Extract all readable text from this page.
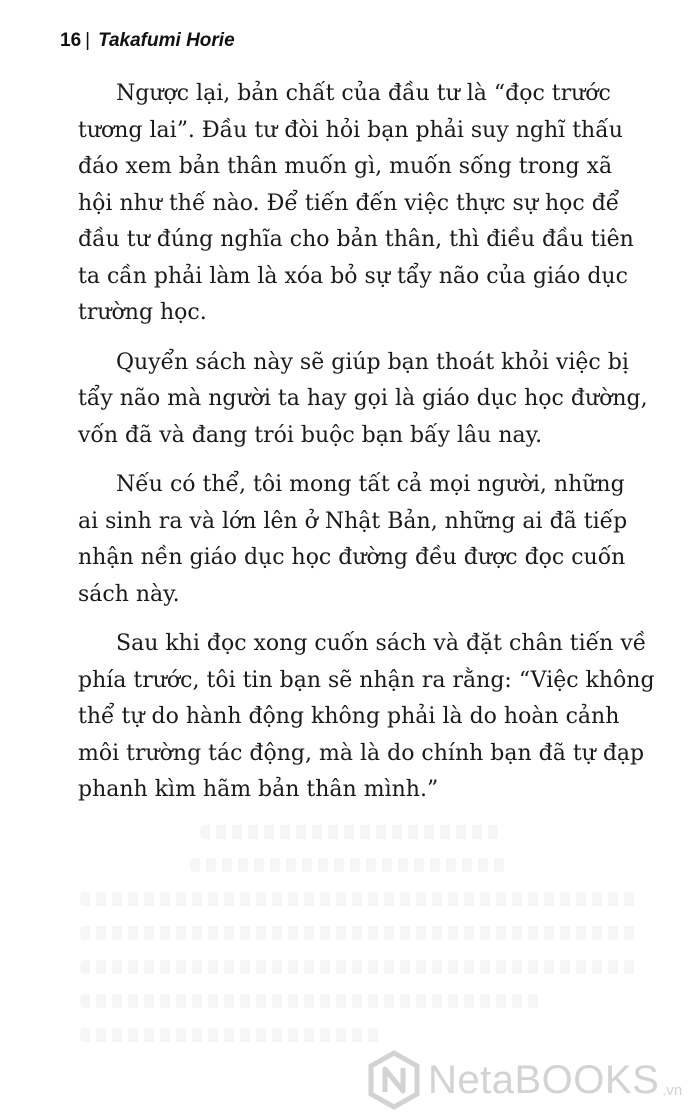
16 | Takafumi Horie

Ngược lại, bản chất của đầu tư là “đọc trước
tương lai”. Đầu tư đòi hỏi bạn phải suy nghĩ thấu
đáo xem bản thân muốn gì, muốn sống trong xã
hội như thế nào. Để tiến đến việc thực sự học để
đầu tư đúng nghĩa cho bản thân, thì điều đầu tiên
ta cần phải làm là xóa bỏ sự tẩy não của giáo dục
trường học.

Quyển sách này sẽ giúp bạn thoát khỏi việc bị
tẩy não mà người ta hay gọi là giáo dục học đường,
vốn đã và đang trói buộc bạn bấy lâu nay.

Nếu có thể, tôi mong tất cả mọi người, những
ai sinh ra và lớn lên ở Nhật Bản, những ai đã tiếp
nhận nền giáo dục học đường đều được đọc cuốn
sách này.

Sau khi đọc xong cuốn sách và đặt chân tiến về
phía trước, tôi tin bạn sẽ nhận ra rằng: “Việc không
thể tự do hành động không phải là do hoàn cảnh
môi trường tác động, mà là do chính bạn đã tự đạp
phanh kìm hãm bản thân mình.”

NetaBOOKS .vn
